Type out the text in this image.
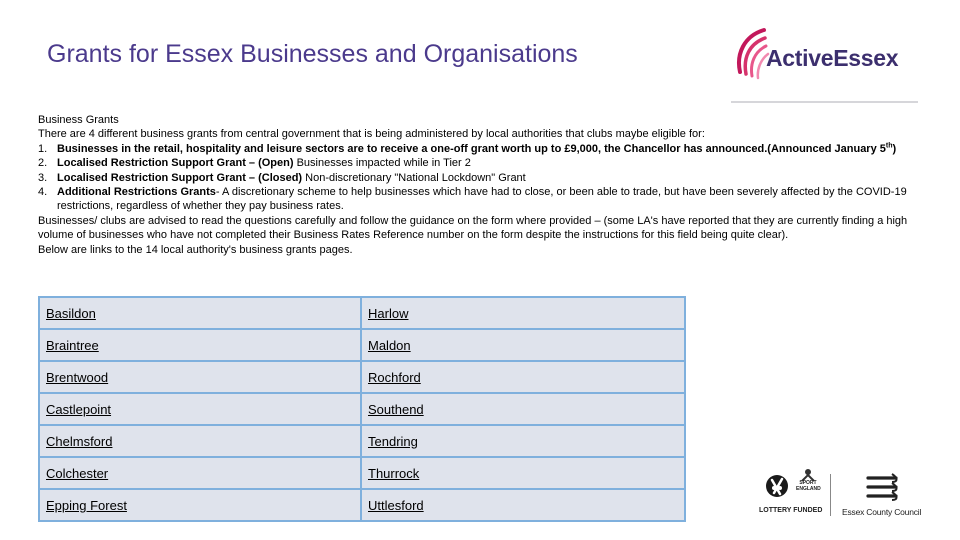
Grants for Essex Businesses and Organisations	ActiveEssex

Business Grants

There are 4 different business grants from central government that is being administered by local authorities that clubs maybe eligible for:

1. Businesses in the retail, hospitality and leisure sectors are to receive a one-off grant worth up to £9,000, the Chancellor has announced.(Announced January 5th)

2. Localised Restriction Support Grant – (Open) Businesses impacted while in Tier 2

3. Localised Restriction Support Grant – (Closed) Non-discretionary "National Lockdown" Grant

4. Additional Restrictions Grants- A discretionary scheme to help businesses which have had to close, or been able to trade, but have been severely affected by the COVID-19 restrictions, regardless of whether they pay business rates.

Businesses/ clubs are advised to read the questions carefully and follow the guidance on the form where provided – (some LA's have reported that they are currently finding a high volume of businesses who have not completed their Business Rates Reference number on the form despite the instructions for this field being quite clear).

Below are links to the 14 local authority's business grants pages.

Basildon	Harlow
Braintree	Maldon
Brentwood	Rochford
Castlepoint	Southend
Chelmsford	Tendring
Colchester	Thurrock
Epping Forest	Uttlesford	LOTTERY FUNDED
SPORT ENGLAND
Essex County Council
